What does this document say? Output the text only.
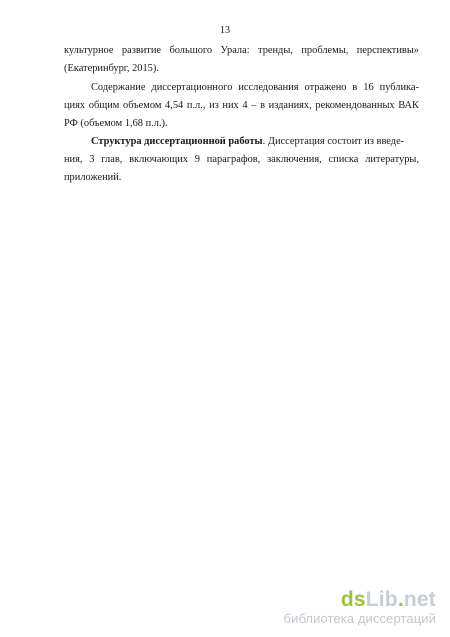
13
культурное развитие большого Урала: тренды, проблемы, перспективы»
(Екатеринбург, 2015).
Содержание диссертационного исследования отражено в 16 публика-
циях общим объемом 4,54 п.л., из них 4 – в изданиях, рекомендованных ВАК
РФ (объемом 1,68 п.л.).
Структура диссертационной работы. Диссертация состоит из введе-
ния, 3 глав, включающих 9 параграфов, заключения, списка литературы,
приложений.
dsLib.net
библиотека диссертаций
